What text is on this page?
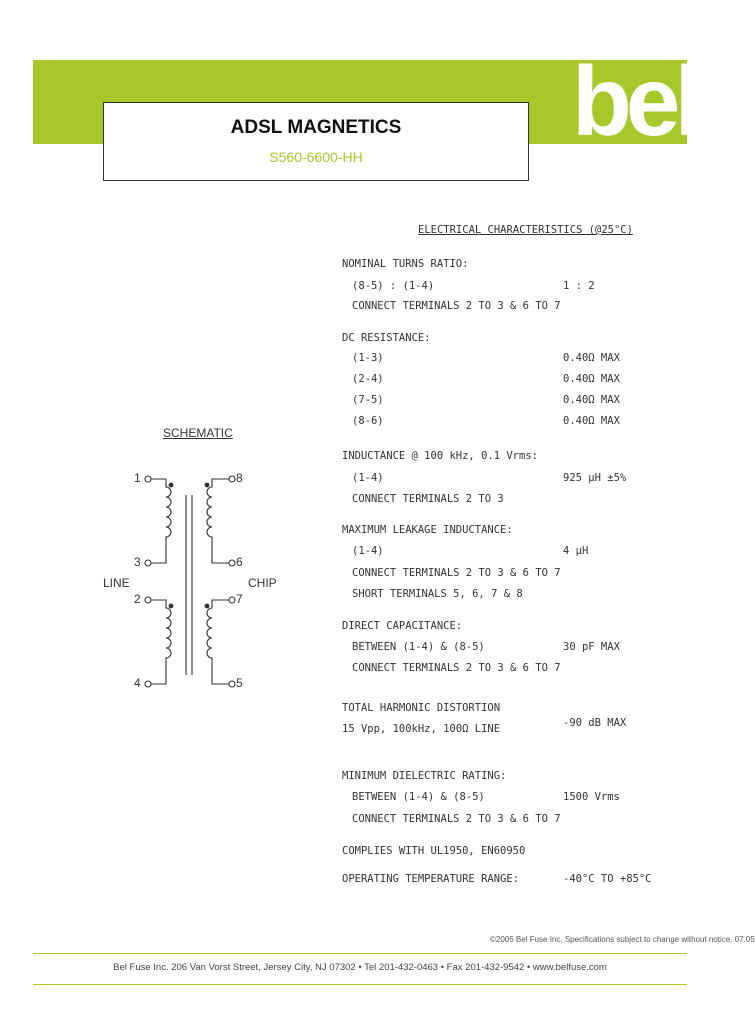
bel
ADSL MAGNETICS
S560-6600-HH
ELECTRICAL CHARACTERISTICS (@25°C)
NOMINAL TURNS RATIO:
(8-5) : (1-4)	1 : 2
CONNECT TERMINALS 2 TO 3 & 6 TO 7
DC RESISTANCE:
(1-3)	0.40Ω MAX
(2-4)	0.40Ω MAX
(7-5)	0.40Ω MAX
(8-6)	0.40Ω MAX
INDUCTANCE @ 100 kHz, 0.1 Vrms:
(1-4)	925 μH ±5%
CONNECT TERMINALS 2 TO 3
MAXIMUM LEAKAGE INDUCTANCE:
(1-4)	4 μH
CONNECT TERMINALS 2 TO 3 & 6 TO 7
SHORT TERMINALS 5, 6, 7 & 8
DIRECT CAPACITANCE:
BETWEEN (1-4) & (8-5)	30 pF MAX
CONNECT TERMINALS 2 TO 3 & 6 TO 7
TOTAL HARMONIC DISTORTION
15 Vpp, 100kHz, 100Ω LINE	-90 dB MAX
MINIMUM DIELECTRIC RATING:
BETWEEN (1-4) & (8-5)	1500 Vrms
CONNECT TERMINALS 2 TO 3 & 6 TO 7
COMPLIES WITH UL1950, EN60950
OPERATING TEMPERATURE RANGE:	-40°C TO +85°C
SCHEMATIC
LINE	CHIP
1
3
2
4
8
6
7
5
©2005 Bel Fuse Inc. Specifications subject to change without notice. 07.05
Bel Fuse Inc. 206 Van Vorst Street, Jersey City, NJ 07302 • Tel 201-432-0463 • Fax 201-432-9542 • www.belfuse.com
